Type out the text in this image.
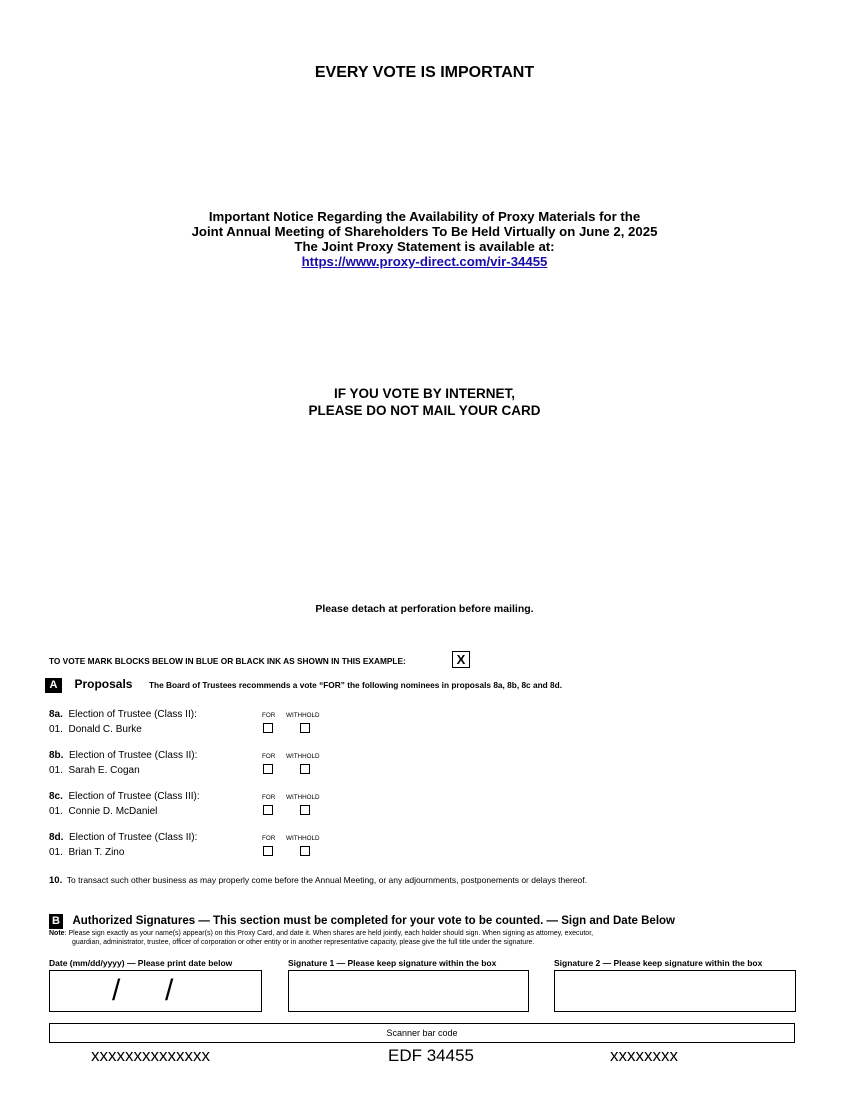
EVERY VOTE IS IMPORTANT
Important Notice Regarding the Availability of Proxy Materials for the
Joint Annual Meeting of Shareholders To Be Held Virtually on June 2, 2025
The Joint Proxy Statement is available at:
https://www.proxy-direct.com/vir-34455
IF YOU VOTE BY INTERNET,
PLEASE DO NOT MAIL YOUR CARD
Please detach at perforation before mailing.
TO VOTE MARK BLOCKS BELOW IN BLUE OR BLACK INK AS SHOWN IN THIS EXAMPLE:	X
A Proposals The Board of Trustees recommends a vote “FOR” the following nominees in proposals 8a, 8b, 8c and 8d.
8a. Election of Trustee (Class II):
01. Donald C. Burke
FOR WITHHOLD
8b. Election of Trustee (Class II):
01. Sarah E. Cogan
FOR WITHHOLD
8c. Election of Trustee (Class III):
01. Connie D. McDaniel
FOR WITHHOLD
8d. Election of Trustee (Class II):
01. Brian T. Zino
FOR WITHHOLD
10. To transact such other business as may properly come before the Annual Meeting, or any adjournments, postponements or delays thereof.
B Authorized Signatures — This section must be completed for your vote to be counted. — Sign and Date Below
Note: Please sign exactly as your name(s) appear(s) on this Proxy Card, and date it. When shares are held jointly, each holder should sign. When signing as attorney, executor,
guardian, administrator, trustee, officer of corporation or other entity or in another representative capacity, please give the full title under the signature.
Date (mm/dd/yyyy) — Please print date below	Signature 1 — Please keep signature within the box	Signature 2 — Please keep signature within the box
/ /
Scanner bar code
xxxxxxxxxxxxxx	EDF 34455	xxxxxxxx
